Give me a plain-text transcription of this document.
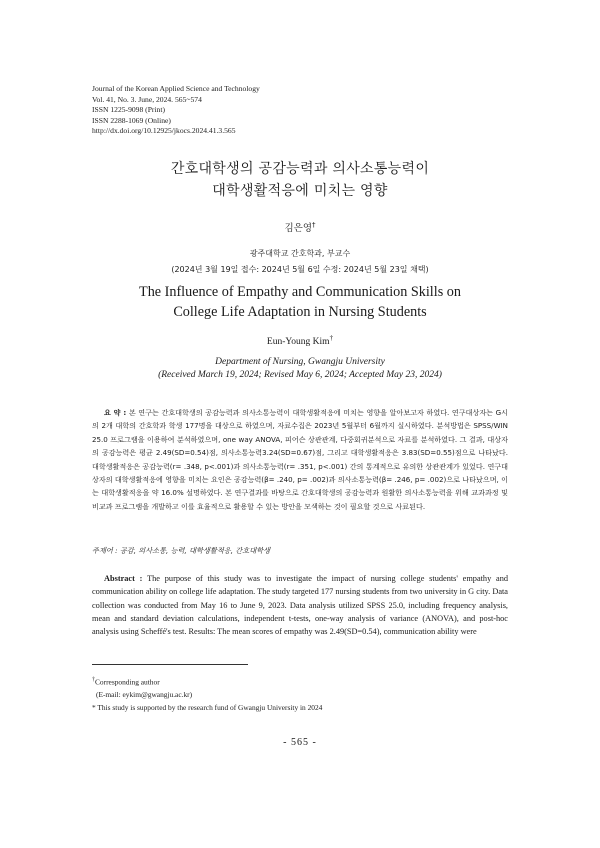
Journal of the Korean Applied Science and Technology
Vol. 41, No. 3. June, 2024. 565~574
ISSN 1225-9098 (Print)
ISSN 2288-1069 (Online)
http://dx.doi.org/10.12925/jkocs.2024.41.3.565
간호대학생의 공감능력과 의사소통능력이
대학생활적응에 미치는 영향
김은영†
광주대학교 간호학과, 부교수
(2024년 3월 19일 접수: 2024년 5월 6일 수정: 2024년 5월 23일 채택)
The Influence of Empathy and Communication Skills on
College Life Adaptation in Nursing Students
Eun-Young Kim†
Department of Nursing, Gwangju University
(Received March 19, 2024; Revised May 6, 2024; Accepted May 23, 2024)
요 약 : 본 연구는 간호대학생의 공감능력과 의사소통능력이 대학생활적응에 미치는 영향을 알아보고자 하였다. 연구대상자는 G시의 2개 대학의 간호학과 학생 177명을 대상으로 하였으며, 자료수집은 2023년 5월부터 6월까지 실시하였다. 분석방법은 SPSS/WIN 25.0 프로그램을 이용하여 분석하였으며, one way ANOVA, 피어슨 상관관계, 다중회귀분석으로 자료를 분석하였다. 그 결과, 대상자의 공감능력은 평균 2.49(SD=0.54)점, 의사소통능력3.24(SD=0.67)점, 그리고 대학생활적응은 3.83(SD=0.55)점으로 나타났다. 대학생활적응은 공감능력(r= .348, p<.001)과 의사소통능력(r= .351, p<.001) 간의 통계적으로 유의한 상관관계가 있었다. 연구대상자의 대학생활적응에 영향을 미치는 요인은 공감능력(β= .240, p= .002)과 의사소통능력(β= .246, p= .002)으로 나타났으며, 이는 대학생활적응을 약 16.0% 설명하였다. 본 연구결과를 바탕으로 간호대학생의 공감능력과 원활한 의사소통능력을 위해 교과과정 및 비교과 프로그램을 개발하고 이를 효율적으로 활용할 수 있는 방안을 모색하는 것이 필요할 것으로 사료된다.
주제어 : 공감, 의사소통, 능력, 대학생활적응, 간호대학생
Abstract : The purpose of this study was to investigate the impact of nursing college students' empathy and communication ability on college life adaptation. The study targeted 177 nursing students from two university in G city. Data collection was conducted from May 16 to June 9, 2023. Data analysis utilized SPSS 25.0, including frequency analysis, mean and standard deviation calculations, independent t-tests, one-way analysis of variance (ANOVA), and post-hoc analysis using Scheffé's test. Results: The mean scores of empathy was 2.49(SD=0.54), communication ability were
†Corresponding author
(E-mail: eykim@gwangju.ac.kr)
* This study is supported by the research fund of Gwangju University in 2024
- 565 -
